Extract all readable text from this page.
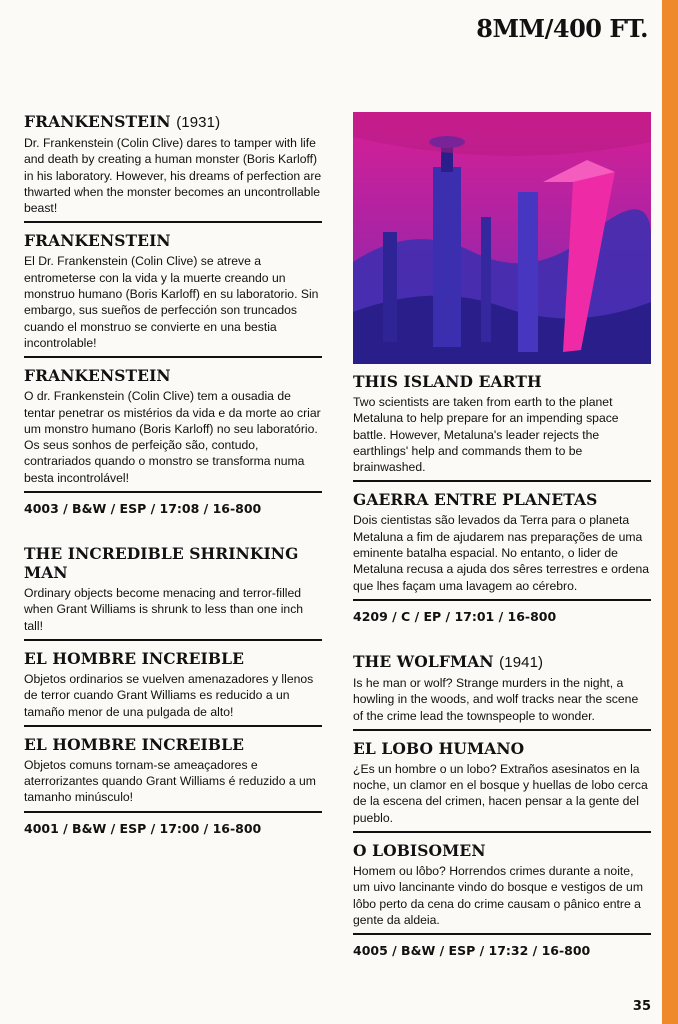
8MM/400 FT.
FRANKENSTEIN (1931)

Dr. Frankenstein (Colin Clive) dares to tamper with life and death by creating a human monster (Boris Karloff) in his laboratory. However, his dreams of perfection are thwarted when the monster becomes an uncontrollable beast!

FRANKENSTEIN

El Dr. Frankenstein (Colin Clive) se atreve a entrometerse con la vida y la muerte creando un monstruo humano (Boris Karloff) en su laboratorio. Sin embargo, sus sueños de perfección son truncados cuando el monstruo se convierte en una bestia incontrolable!

FRANKENSTEIN

O dr. Frankenstein (Colin Clive) tem a ousadia de tentar penetrar os mistérios da vida e da morte ao criar um monstro humano (Boris Karloff) no seu laboratório. Os seus sonhos de perfeição são, contudo, contrariados quando o monstro se transforma numa besta incontrolável!

4003 / B&W / ESP / 17:08 / 16-800

THE INCREDIBLE SHRINKING MAN

Ordinary objects become menacing and terror-filled when Grant Williams is shrunk to less than one inch tall!

EL HOMBRE INCREIBLE

Objetos ordinarios se vuelven amenazadores y llenos de terror cuando Grant Williams es reducido a un tamaño menor de una pulgada de alto!

EL HOMBRE INCREIBLE

Objetos comuns tornam-se ameaçadores e aterrorizantes quando Grant Williams é reduzido a um tamanho minúsculo!

4001 / B&W / ESP / 17:00 / 16-800

THIS ISLAND EARTH

Two scientists are taken from earth to the planet Metaluna to help prepare for an impending space battle. However, Metaluna's leader rejects the earthlings' help and commands them to be brainwashed.

GAERRA ENTRE PLANETAS

Dois cientistas são levados da Terra para o planeta Metaluna a fim de ajudarem nas preparações de uma eminente batalha espacial. No entanto, o lider de Metaluna recusa a ajuda dos sêres terrestres e ordena que lhes façam uma lavagem ao cérebro.

4209 / C / EP / 17:01 / 16-800

THE WOLFMAN (1941)

Is he man or wolf? Strange murders in the night, a howling in the woods, and wolf tracks near the scene of the crime lead the townspeople to wonder.

EL LOBO HUMANO

¿Es un hombre o un lobo? Extraños asesinatos en la noche, un clamor en el bosque y huellas de lobo cerca de la escena del crimen, hacen pensar a la gente del pueblo.

O LOBISOMEN

Homem ou lôbo? Horrendos crimes durante a noite, um uivo lancinante vindo do bosque e vestigos de um lôbo perto da cena do crime causam o pânico entre a gente da aldeia.

4005 / B&W / ESP / 17:32 / 16-800

35
